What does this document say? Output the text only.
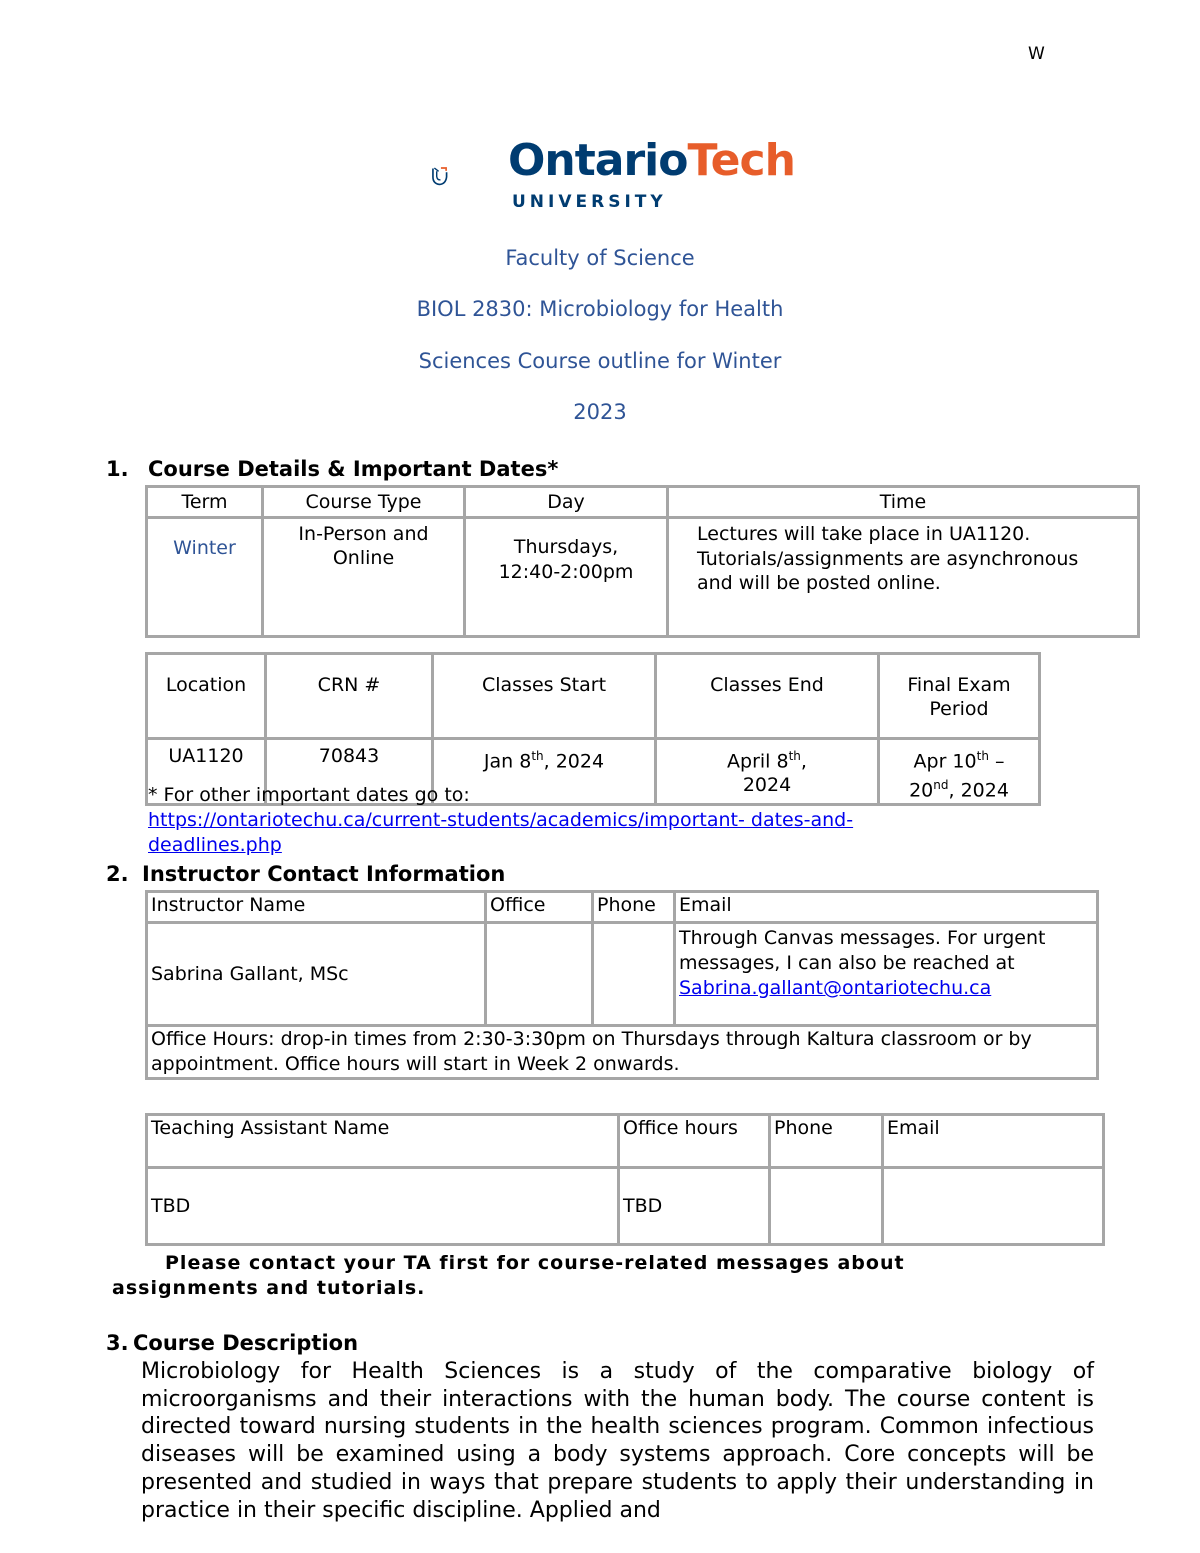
W
OntarioTech
UNIVERSITY
Faculty of Science
BIOL 2830: Microbiology for Health
Sciences Course outline for Winter
2023
1. Course Details & Important Dates*
Term	Course Type	Day	Time
Winter	In-Person and Online	Thursdays, 12:40-2:00pm	Lectures will take place in UA1120. Tutorials/assignments are asynchronous and will be posted online.
Location	CRN #	Classes Start	Classes End	Final Exam Period
UA1120	70843	Jan 8th, 2024	April 8th, 2024	Apr 10th – 20nd, 2024
* For other important dates go to:
https://ontariotechu.ca/current-students/academics/important- dates-and-deadlines.php
2. Instructor Contact Information
Instructor Name	Office	Phone	Email
Sabrina Gallant, MSc			Through Canvas messages. For urgent messages, I can also be reached at
Sabrina.gallant@ontariotechu.ca
Office Hours: drop-in times from 2:30-3:30pm on Thursdays through Kaltura classroom or by appointment. Office hours will start in Week 2 onwards.			
Teaching Assistant Name	Office hours	Phone	Email
TBD	TBD		
Please contact your TA first for course-related messages about
assignments and tutorials.
3. Course Description
Microbiology for Health Sciences is a study of the comparative biology of microorganisms and their interactions with the human body. The course content is directed toward nursing students in the health sciences program. Common infectious diseases will be examined using a body systems approach. Core concepts will be presented and studied in ways that prepare students to apply their understanding in practice in their specific discipline. Applied and
